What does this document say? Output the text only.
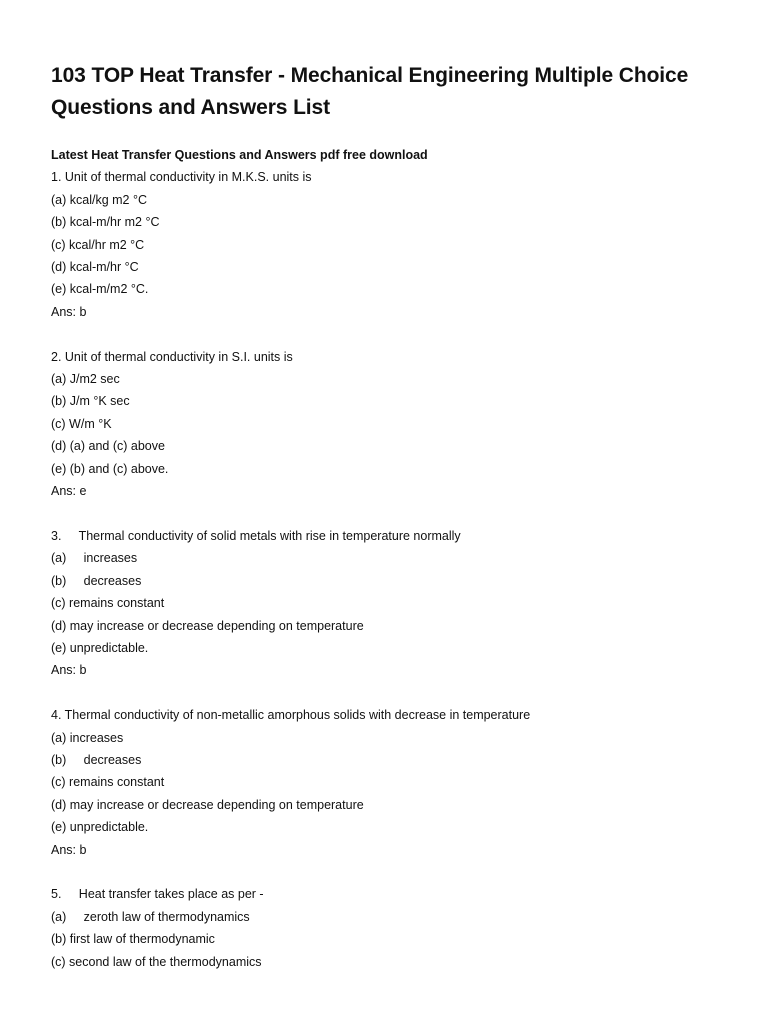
103 TOP Heat Transfer - Mechanical Engineering Multiple Choice Questions and Answers List

Latest Heat Transfer Questions and Answers pdf free download

1. Unit of thermal conductivity in M.K.S. units is

(a) kcal/kg m2 °C

(b) kcal-m/hr m2 °C

(c) kcal/hr m2 °C

(d) kcal-m/hr °C

(e) kcal-m/m2 °C.

Ans: b

2. Unit of thermal conductivity in S.I. units is

(a) J/m2 sec

(b) J/m °K sec

(c) W/m °K

(d) (a) and (c) above

(e) (b) and (c) above.

Ans: e

3.     Thermal conductivity of solid metals with rise in temperature normally

(a)     increases

(b)     decreases

(c) remains constant

(d) may increase or decrease depending on temperature

(e) unpredictable.

Ans: b

4. Thermal conductivity of non-metallic amorphous solids with decrease in temperature

(a) increases

(b)     decreases

(c) remains constant

(d) may increase or decrease depending on temperature

(e) unpredictable.

Ans: b

5.     Heat transfer takes place as per -

(a)     zeroth law of thermodynamics

(b) first law of thermodynamic

(c) second law of the thermodynamics
